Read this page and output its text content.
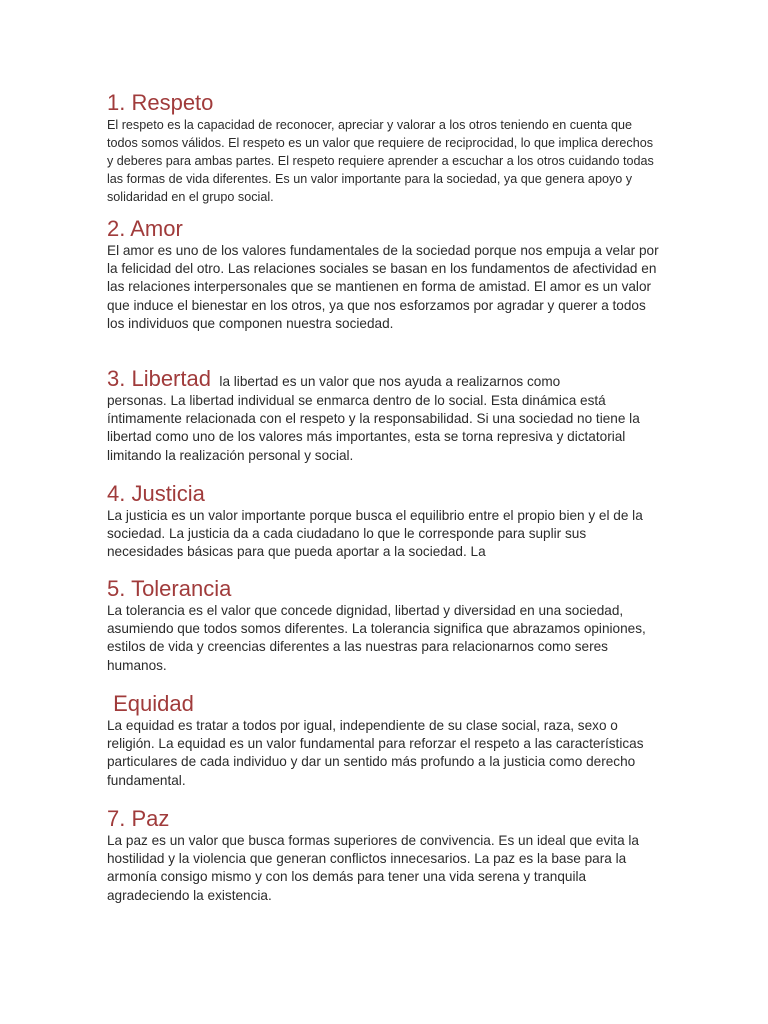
1. Respeto

El respeto es la capacidad de reconocer, apreciar y valorar a los otros teniendo en cuenta que todos somos válidos. El respeto es un valor que requiere de reciprocidad, lo que implica derechos y deberes para ambas partes. El respeto requiere aprender a escuchar a los otros cuidando todas las formas de vida diferentes. Es un valor importante para la sociedad, ya que genera apoyo y solidaridad en el grupo social.

2. Amor

El amor es uno de los valores fundamentales de la sociedad porque nos empuja a velar por la felicidad del otro. Las relaciones sociales se basan en los fundamentos de afectividad en las relaciones interpersonales que se mantienen en forma de amistad. El amor es un valor que induce el bienestar en los otros, ya que nos esforzamos por agradar y querer a todos los individuos que componen nuestra sociedad.

3. Libertad la libertad es un valor que nos ayuda a realizarnos como

personas. La libertad individual se enmarca dentro de lo social. Esta dinámica está íntimamente relacionada con el respeto y la responsabilidad. Si una sociedad no tiene la libertad como uno de los valores más importantes, esta se torna represiva y dictatorial limitando la realización personal y social.

4. Justicia

La justicia es un valor importante porque busca el equilibrio entre el propio bien y el de la sociedad. La justicia da a cada ciudadano lo que le corresponde para suplir sus necesidades básicas para que pueda aportar a la sociedad. La

5. Tolerancia

La tolerancia es el valor que concede dignidad, libertad y diversidad en una sociedad, asumiendo que todos somos diferentes. La tolerancia significa que abrazamos opiniones, estilos de vida y creencias diferentes a las nuestras para relacionarnos como seres humanos.

Equidad

La equidad es tratar a todos por igual, independiente de su clase social, raza, sexo o religión. La equidad es un valor fundamental para reforzar el respeto a las características particulares de cada individuo y dar un sentido más profundo a la justicia como derecho fundamental.

7. Paz

La paz es un valor que busca formas superiores de convivencia. Es un ideal que evita la hostilidad y la violencia que generan conflictos innecesarios. La paz es la base para la armonía consigo mismo y con los demás para tener una vida serena y tranquila agradeciendo la existencia.
